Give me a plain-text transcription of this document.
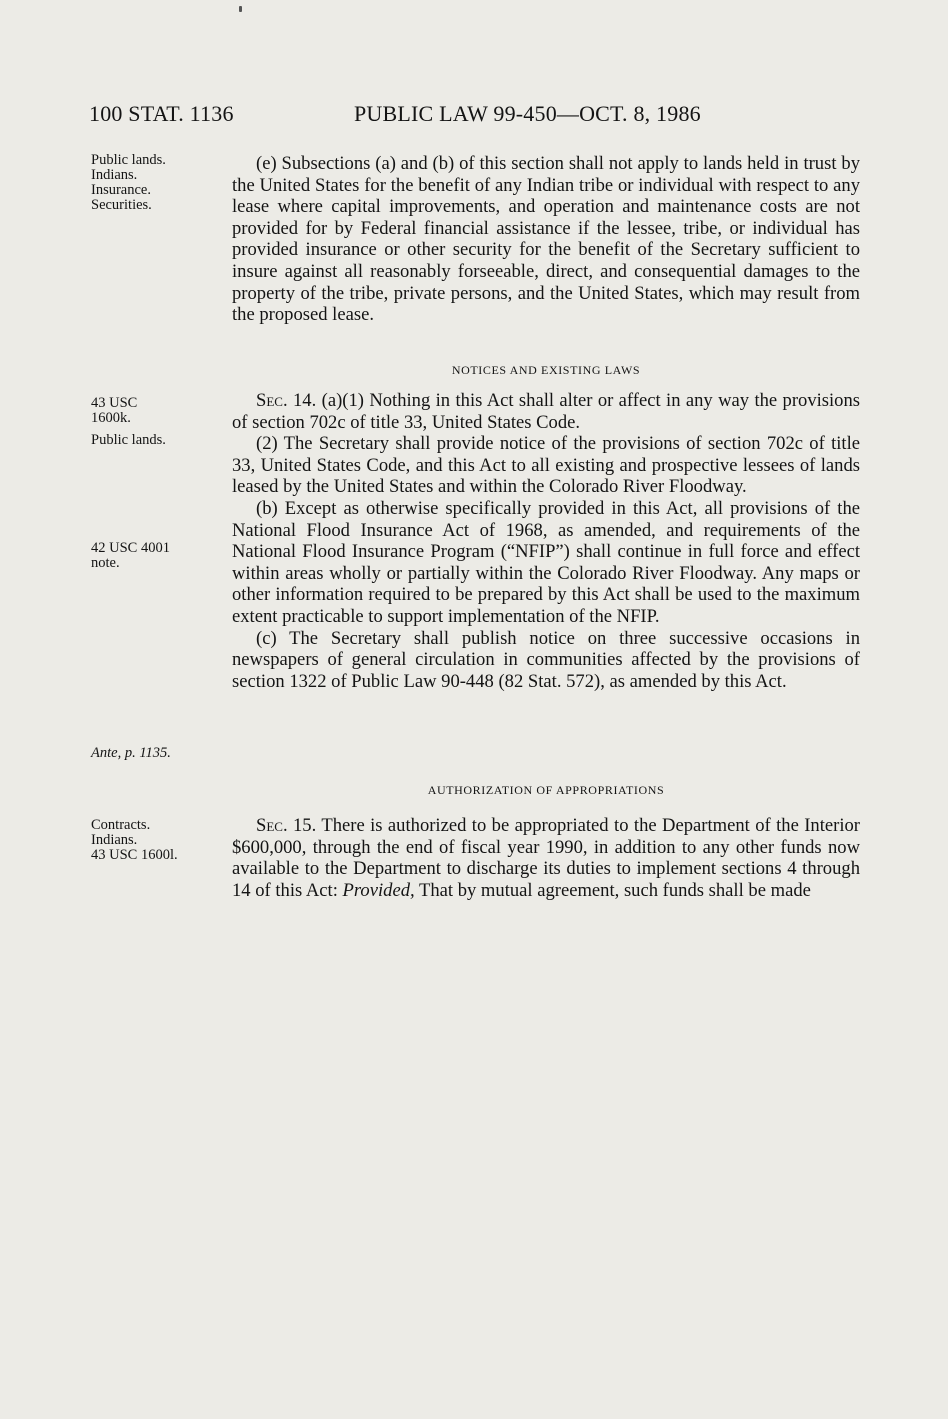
100 STAT. 1136	PUBLIC LAW 99-450—OCT. 8, 1986
Public lands.
Indians.
Insurance.
Securities.
43 USC
1600k.
Public lands.
42 USC 4001
note.
Ante, p. 1135.
Contracts.
Indians.
43 USC 1600l.

(e) Subsections (a) and (b) of this section shall not apply to lands held in trust by the United States for the benefit of any Indian tribe or individual with respect to any lease where capital improvements, and operation and maintenance costs are not provided for by Federal financial assistance if the lessee, tribe, or individual has provided insurance or other security for the benefit of the Secretary sufficient to insure against all reasonably forseeable, direct, and consequential damages to the property of the tribe, private persons, and the United States, which may result from the proposed lease.

NOTICES AND EXISTING LAWS

Sec. 14. (a)(1) Nothing in this Act shall alter or affect in any way the provisions of section 702c of title 33, United States Code.

(2) The Secretary shall provide notice of the provisions of section 702c of title 33, United States Code, and this Act to all existing and prospective lessees of lands leased by the United States and within the Colorado River Floodway.

(b) Except as otherwise specifically provided in this Act, all provisions of the National Flood Insurance Act of 1968, as amended, and requirements of the National Flood Insurance Program (“NFIP”) shall continue in full force and effect within areas wholly or partially within the Colorado River Floodway. Any maps or other information required to be prepared by this Act shall be used to the maximum extent practicable to support implementation of the NFIP.

(c) The Secretary shall publish notice on three successive occasions in newspapers of general circulation in communities affected by the provisions of section 1322 of Public Law 90-448 (82 Stat. 572), as amended by this Act.

AUTHORIZATION OF APPROPRIATIONS

Sec. 15. There is authorized to be appropriated to the Department of the Interior $600,000, through the end of fiscal year 1990, in addition to any other funds now available to the Department to discharge its duties to implement sections 4 through 14 of this Act: Provided, That by mutual agreement, such funds shall be made
